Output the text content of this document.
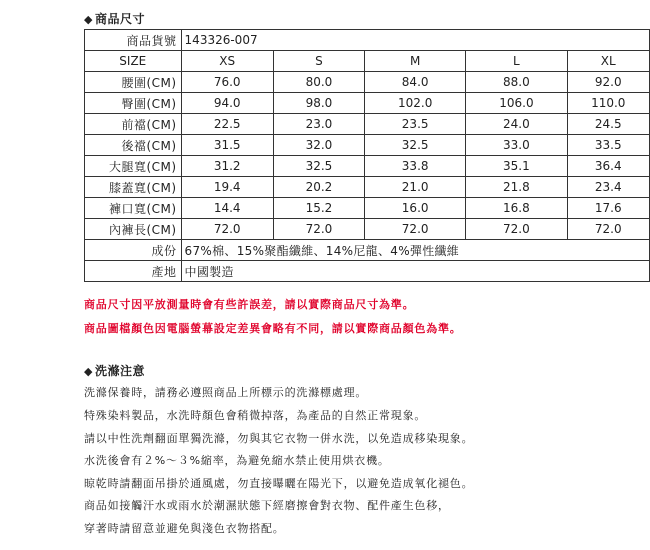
◆ 商品尺寸
商品貨號	143326-007				
SIZE	XS	S	M	L	XL
腰圍(CM)	76.0	80.0	84.0	88.0	92.0
臀圍(CM)	94.0	98.0	102.0	106.0	110.0
前襠(CM)	22.5	23.0	23.5	24.0	24.5
後襠(CM)	31.5	32.0	32.5	33.0	33.5
大腿寬(CM)	31.2	32.5	33.8	35.1	36.4
膝蓋寬(CM)	19.4	20.2	21.0	21.8	23.4
褲口寬(CM)	14.4	15.2	16.0	16.8	17.6
內褲長(CM)	72.0	72.0	72.0	72.0	72.0
成份	67%棉、15%聚酯纖維、14%尼龍、4%彈性纖維				
產地	中國製造				
商品尺寸因平放測量時會有些許誤差，請以實際商品尺寸為準。
商品圖檔顏色因電腦螢幕設定差異會略有不同，請以實際商品顏色為準。
◆ 洗滌注意
洗滌保養時，請務必遵照商品上所標示的洗滌標處理。
特殊染料製品，水洗時顏色會稍微掉落，為產品的自然正常現象。
請以中性洗劑翻面單獨洗滌，勿與其它衣物一併水洗，以免造成移染現象。
水洗後會有２%～３%縮率，為避免縮水禁止使用烘衣機。
晾乾時請翻面吊掛於通風處，勿直接曝曬在陽光下，以避免造成氧化褪色。
商品如接觸汗水或雨水於潮濕狀態下經磨擦會對衣物、配件產生色移，
穿著時請留意並避免與淺色衣物搭配。
